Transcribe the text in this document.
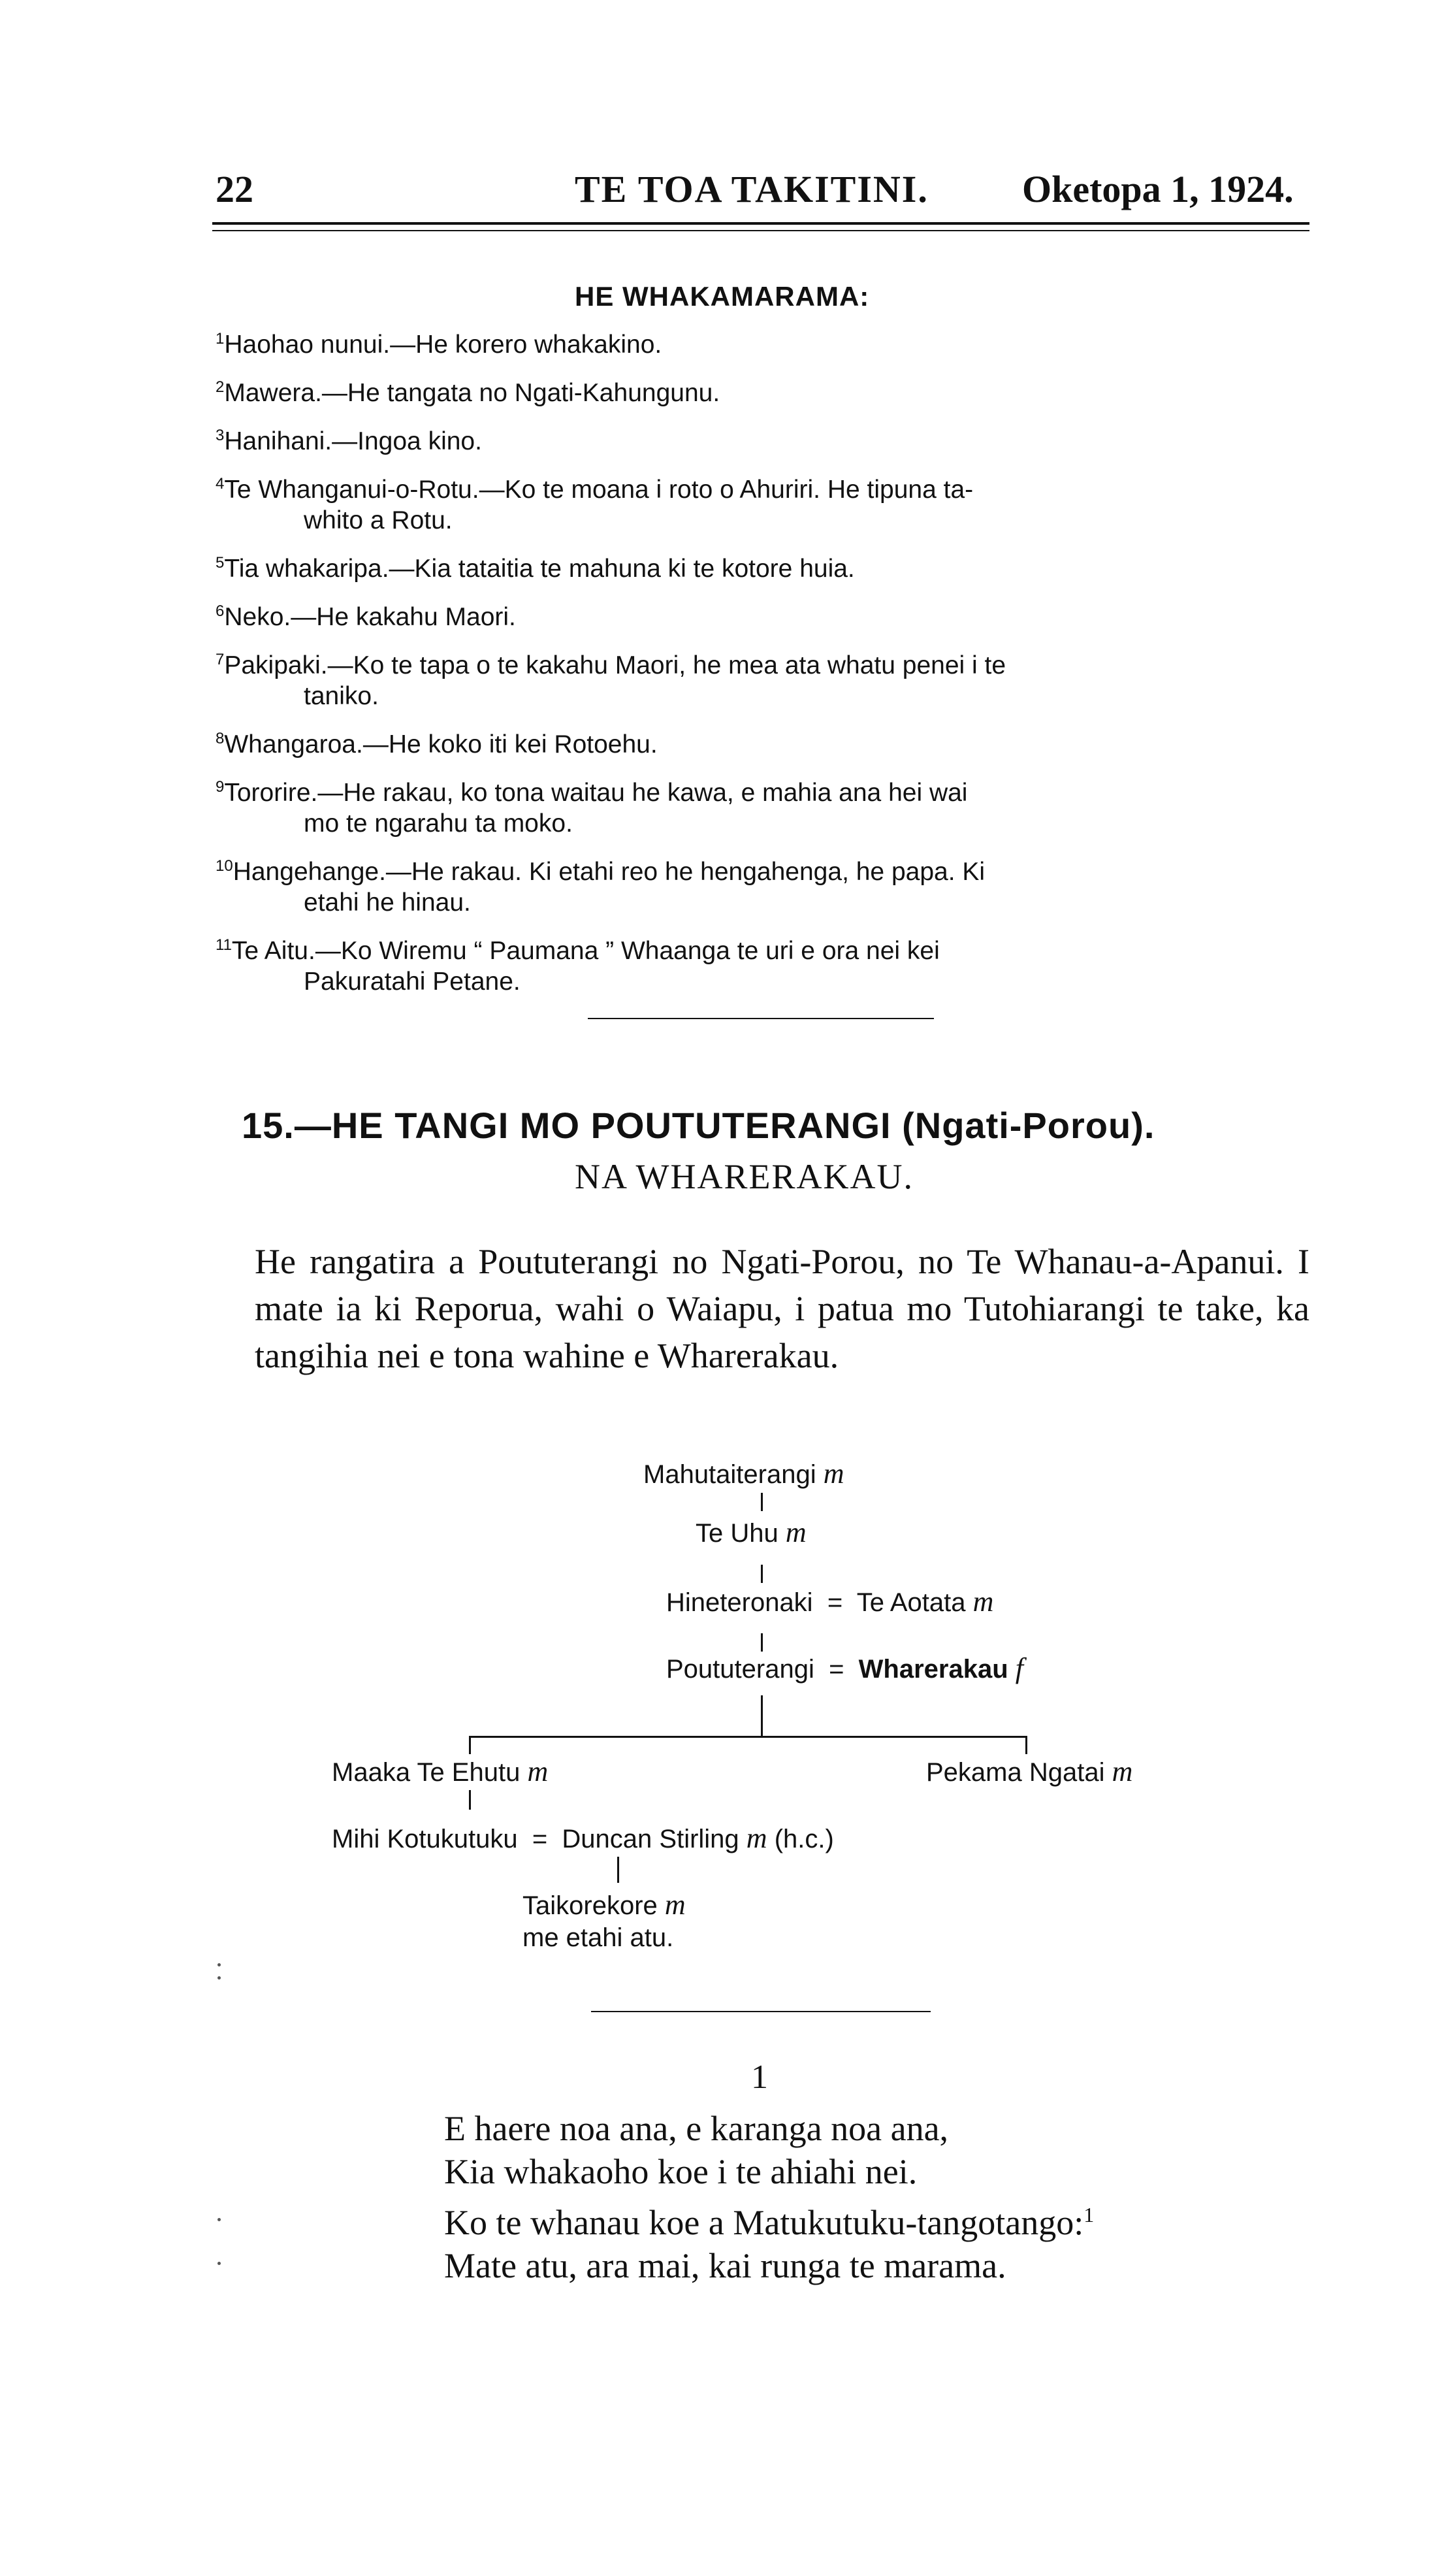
22	TE TOA TAKITINI. Oketopa 1, 1924.
HE WHAKAMARAMA:
$^1$Haohao nunui.—He korero whakakino.
$^2$Mawera.—He tangata no Ngati-Kahungunu.
$^3$Hanihani.—Ingoa kino.
$^4$Te Whanganui-o-Rotu.—Ko te moana i roto o Ahuriri. He tipuna ta-
whito a Rotu.
$^5$Tia whakaripa.—Kia tataitia te mahuna ki te kotore huia.
$^6$Neko.—He kakahu Maori.
$^7$Pakipaki.—Ko te tapa o te kakahu Maori, he mea ata whatu penei i te
taniko.
$^8$Whangaroa.—He koko iti kei Rotoehu.
$^9$Tororire.—He rakau, ko tona waitau he kawa, e mahia ana hei wai
mo te ngarahu ta moko.
$^{10}$Hangehange.—He rakau. Ki etahi reo he hengahenga, he papa. Ki
etahi he hinau.
$^{11}$Te Aitu.—Ko Wiremu “ Paumana ” Whaanga te uri e ora nei kei
Pakuratahi Petane.
15.—HE TANGI MO POUTUTERANGI (Ngati-Porou).
NA WHARERAKAU.
He rangatira a Poututerangi no Ngati-Porou, no Te Whanau-a-Apanui. I mate ia ki Reporua, wahi o Waiapu, i patua mo Tutohiarangi te take, ka tangihia nei e tona wahine e Wharerakau.
Mahutaiterangi m
Te Uhu m
Hineteronaki = Te Aotata m
Poututerangi = Wharerakau f
Maaka Te Ehutu m	Pekama Ngatai m
Mihi Kotukutuku = Duncan Stirling m (h.c.)
Taikorekore m
me etahi atu.
1
E haere noa ana, e karanga noa ana,
Kia whakaoho koe i te ahiahi nei.
Ko te whanau koe a Matukutuku-tangotango:$^1$
Mate atu, ara mai, kai runga te marama.
